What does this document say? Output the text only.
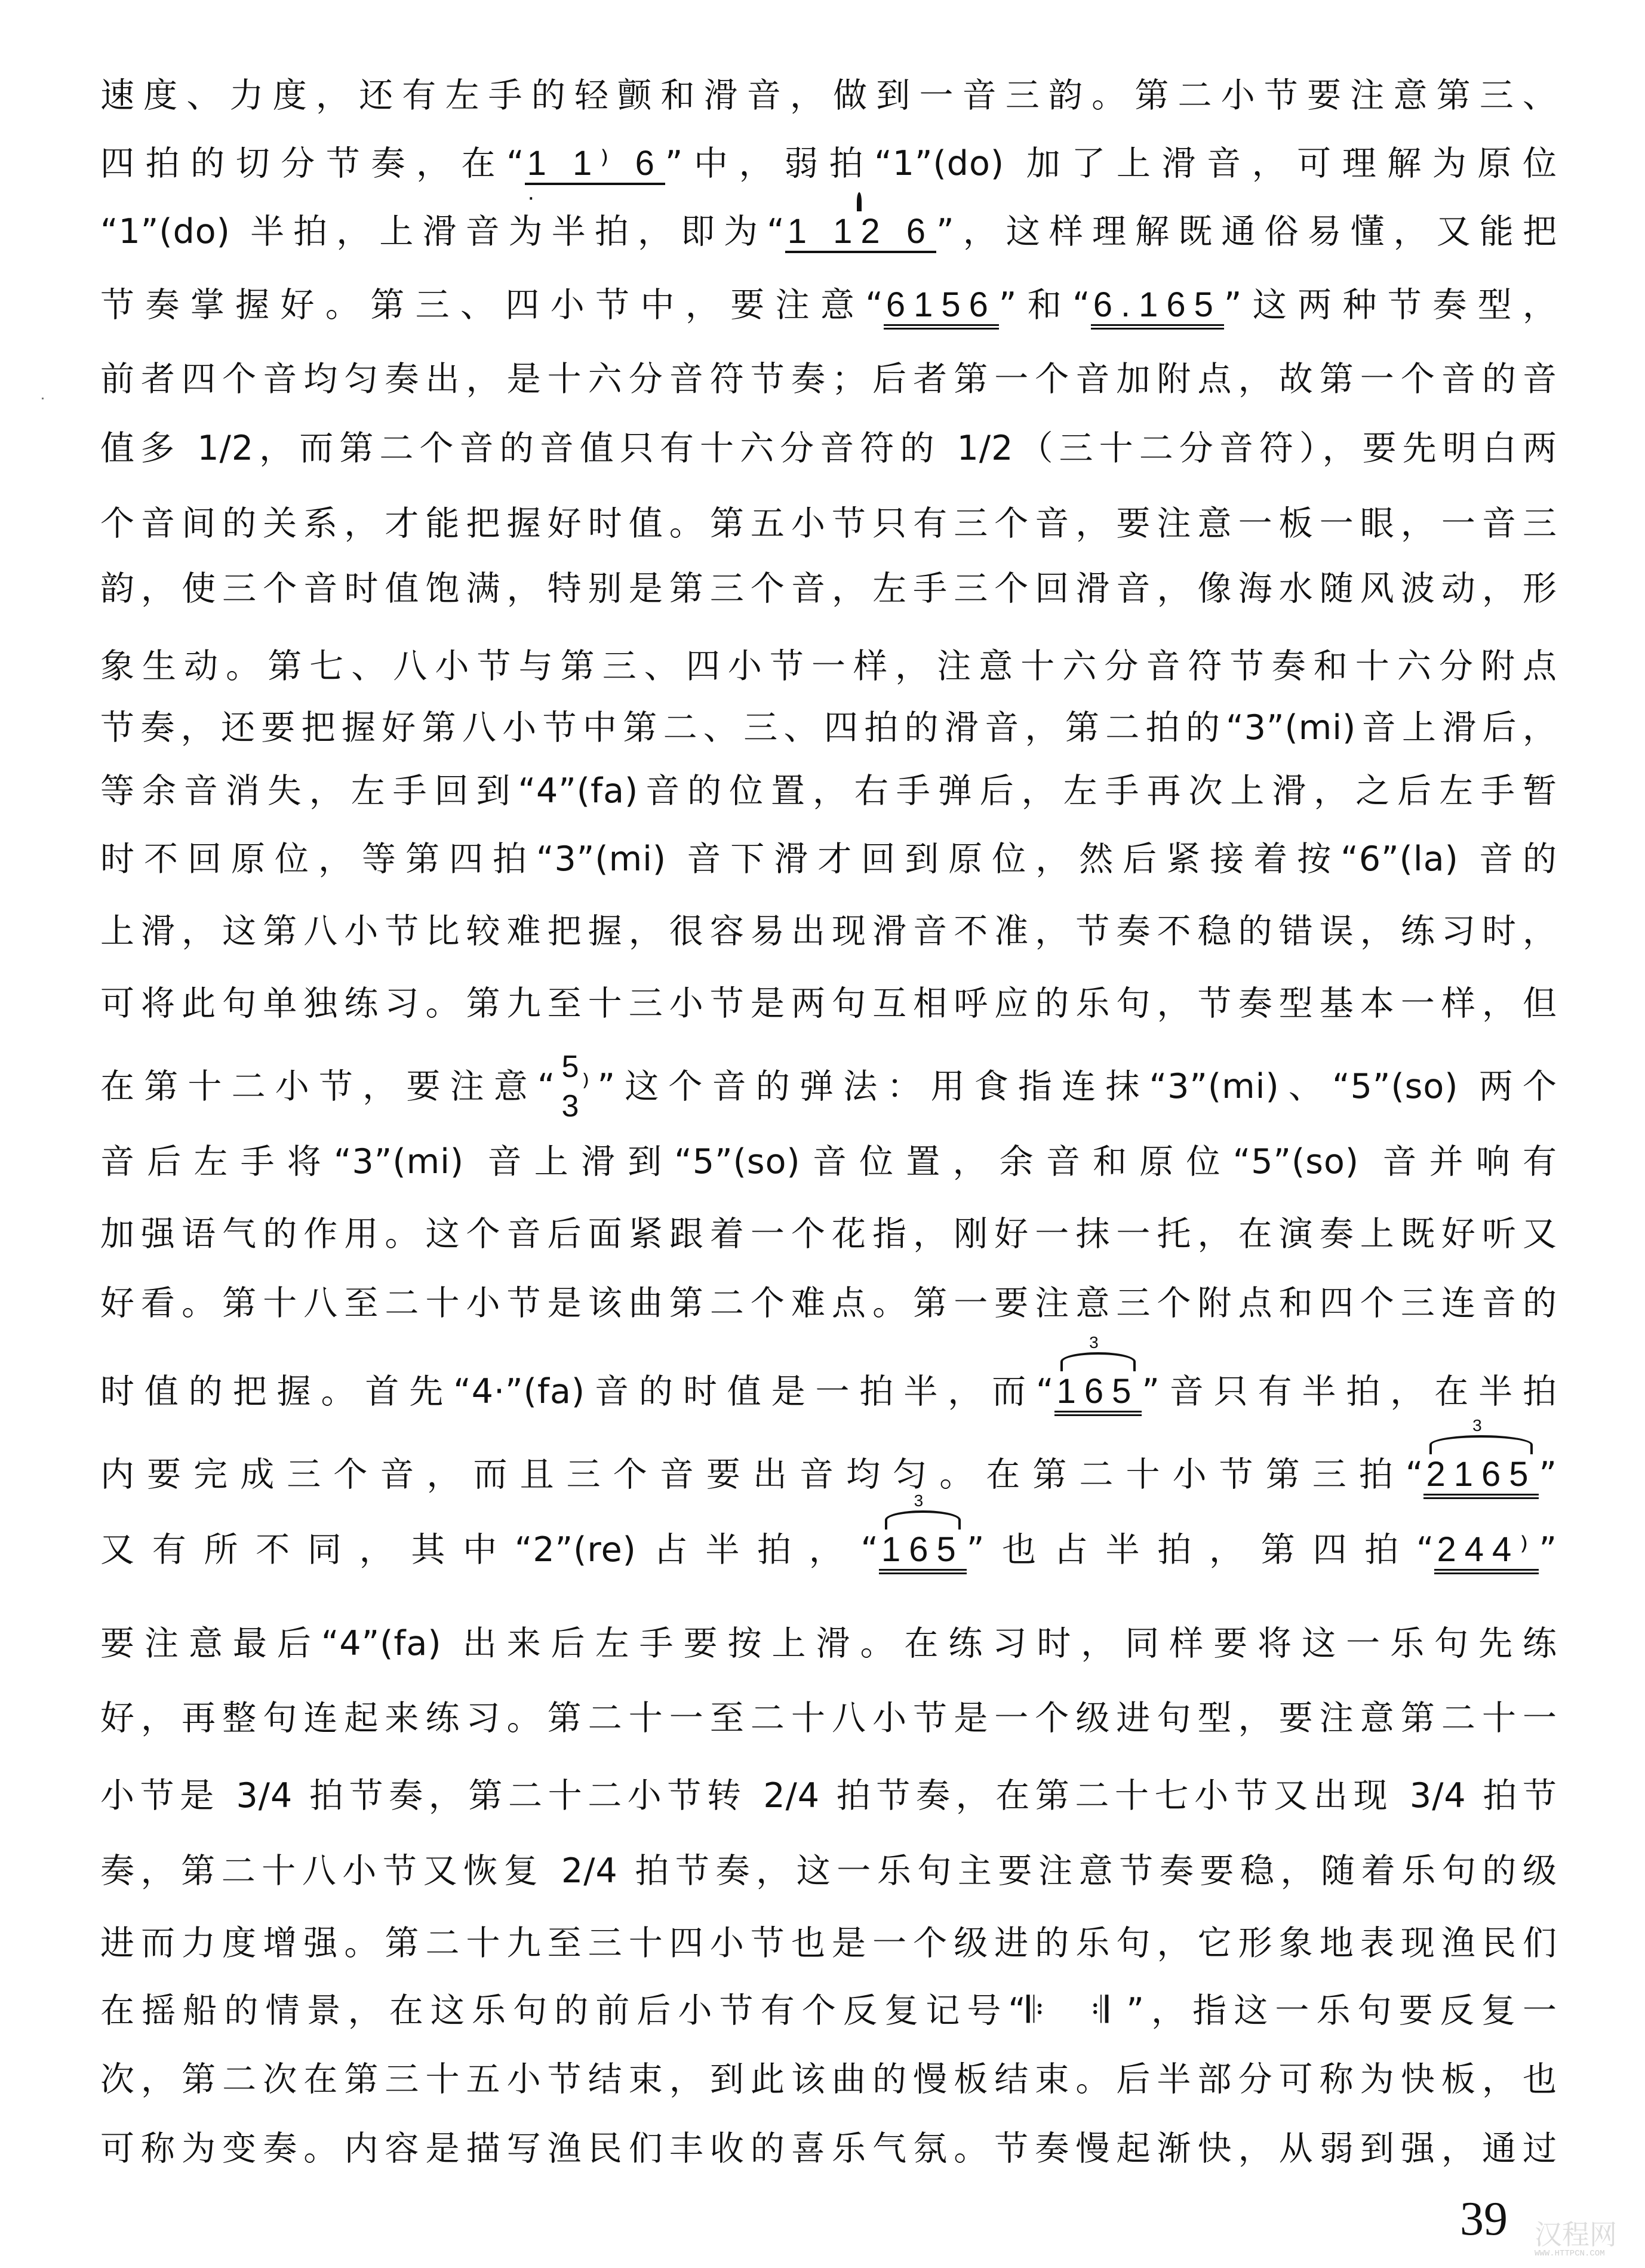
速度、力度，还有左手的轻颤和滑音，做到一音三韵。第二小节要注意第三、
四拍的切分节奏，在“1 1⁾ 6 ·”中，弱拍“1”(do) 加了上滑音，可理解为原位
“1”(do) 半拍，上滑音为半拍，即为“1 12 6
”，这样理解既通俗易懂，又能把
节奏掌握好。第三、四小节中，要注意“6156”和“6.165”这两种节奏型，
前者四个音均匀奏出，是十六分音符节奏；后者第一个音加附点，故第一个音的音
值多 1/2，而第二个音的音值只有十六分音符的 1/2（三十二分音符），要先明白两
个音间的关系，才能把握好时值。第五小节只有三个音，要注意一板一眼，一音三
韵，使三个音时值饱满，特别是第三个音，左手三个回滑音，像海水随风波动，形
象生动。第七、八小节与第三、四小节一样，注意十六分音符节奏和十六分附点
节奏，还要把握好第八小节中第二、三、四拍的滑音，第二拍的“3”(mi)音上滑后，
等余音消失，左手回到“4”(fa)音的位置，右手弹后，左手再次上滑，之后左手暂
时不回原位，等第四拍“3”(mi) 音下滑才回到原位，然后紧接着按“6”(la) 音的
上滑，这第八小节比较难把握，很容易出现滑音不准，节奏不稳的错误，练习时，
可将此句单独练习。第九至十三小节是两句互相呼应的乐句，节奏型基本一样，但
在第十二小节，要注意“ 5
3
⁾ ”这个音的弹法：用食指连抹“3”(mi)、“5”(so) 两个
音后左手将“3”(mi) 音上滑到“5”(so)音位置，余音和原位“5”(so) 音并响有
加强语气的作用。这个音后面紧跟着一个花指，刚好一抹一托，在演奏上既好听又
好看。第十八至二十小节是该曲第二个难点。第一要注意三个附点和四个三连音的
时值的把握。首先“4·”(fa)音的时值是一拍半，而“165
3
”音只有半拍，在半拍
内要完成三个音，而且三个音要出音均匀。在第二十小节第三拍“2165
3
”
又有所不同，其中“2”(re)占半拍，“165
3
”也占半拍，第四拍“244⁾”
要注意最后“4”(fa) 出来后左手要按上滑。在练习时，同样要将这一乐句先练
好，再整句连起来练习。第二十一至二十八小节是一个级进句型，要注意第二十一
小节是 3/4 拍节奏，第二十二小节转 2/4 拍节奏，在第二十七小节又出现 3/4 拍节
奏，第二十八小节又恢复 2/4 拍节奏，这一乐句主要注意节奏要稳，随着乐句的级
进而力度增强。第二十九至三十四小节也是一个级进的乐句，它形象地表现渔民们
在摇船的情景，在这乐句的前后小节有个反复记号“𝄆 𝄇”，指这一乐句要反复一
次，第二次在第三十五小节结束，到此该曲的慢板结束。后半部分可称为快板，也
可称为变奏。内容是描写渔民们丰收的喜乐气氛。节奏慢起渐快，从弱到强，通过
39 汉程网
WWW.HTTPCN.COM
